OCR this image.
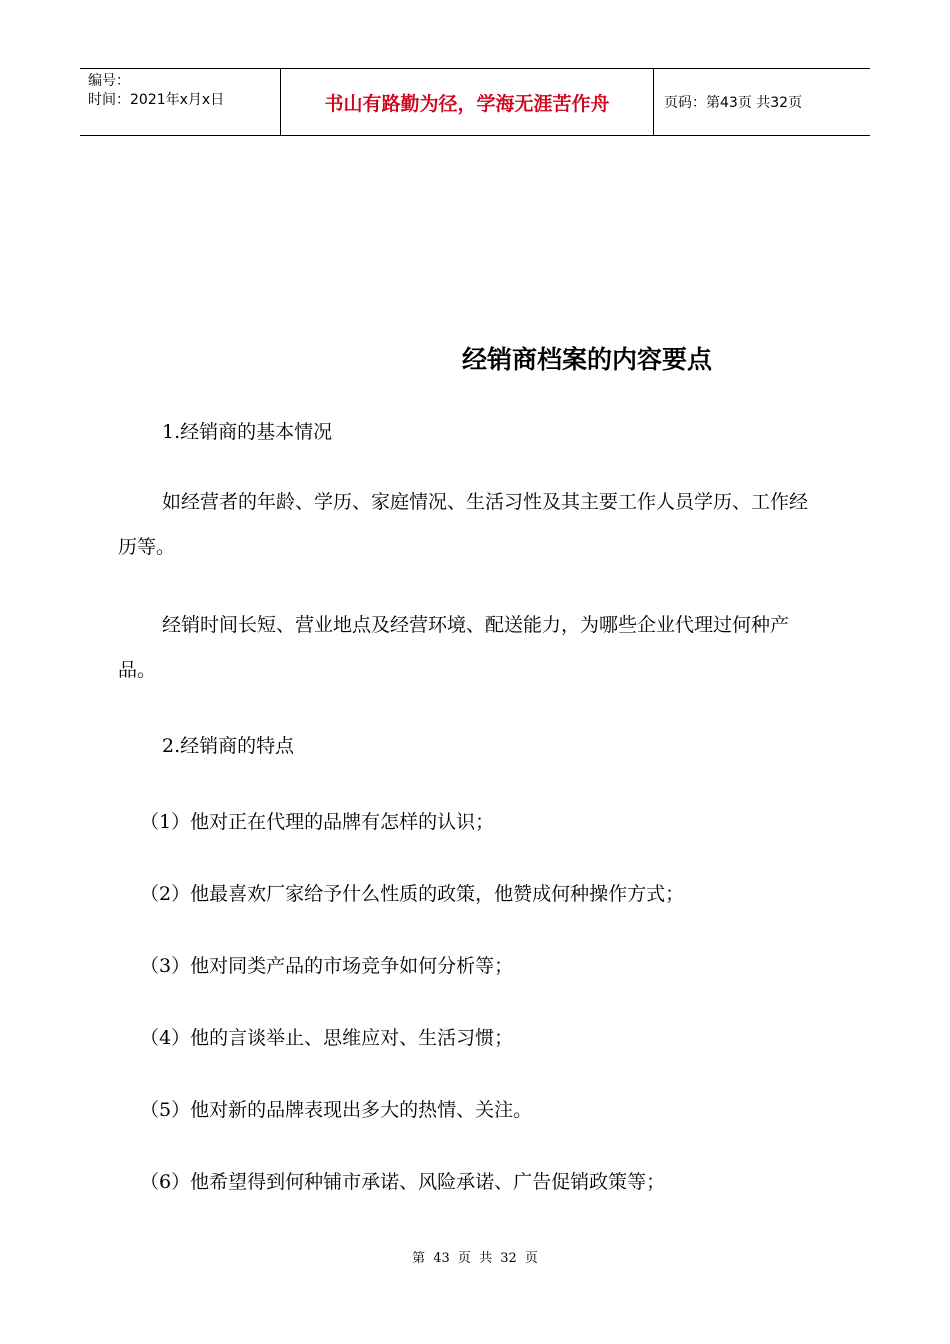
编号：
时间：2021年x月x日	书山有路勤为径，学海无涯苦作舟	页码：第43页 共32页
经销商档案的内容要点

1.经销商的基本情况

如经营者的年龄、学历、家庭情况、生活习性及其主要工作人员学历、工作经历等。

经销时间长短、营业地点及经营环境、配送能力，为哪些企业代理过何种产品。

2.经销商的特点

（1）他对正在代理的品牌有怎样的认识；

（2）他最喜欢厂家给予什么性质的政策，他赞成何种操作方式；

（3）他对同类产品的市场竞争如何分析等；

（4）他的言谈举止、思维应对、生活习惯；

（5）他对新的品牌表现出多大的热情、关注。

（6）他希望得到何种铺市承诺、风险承诺、广告促销政策等；

第 43 页 共 32 页
